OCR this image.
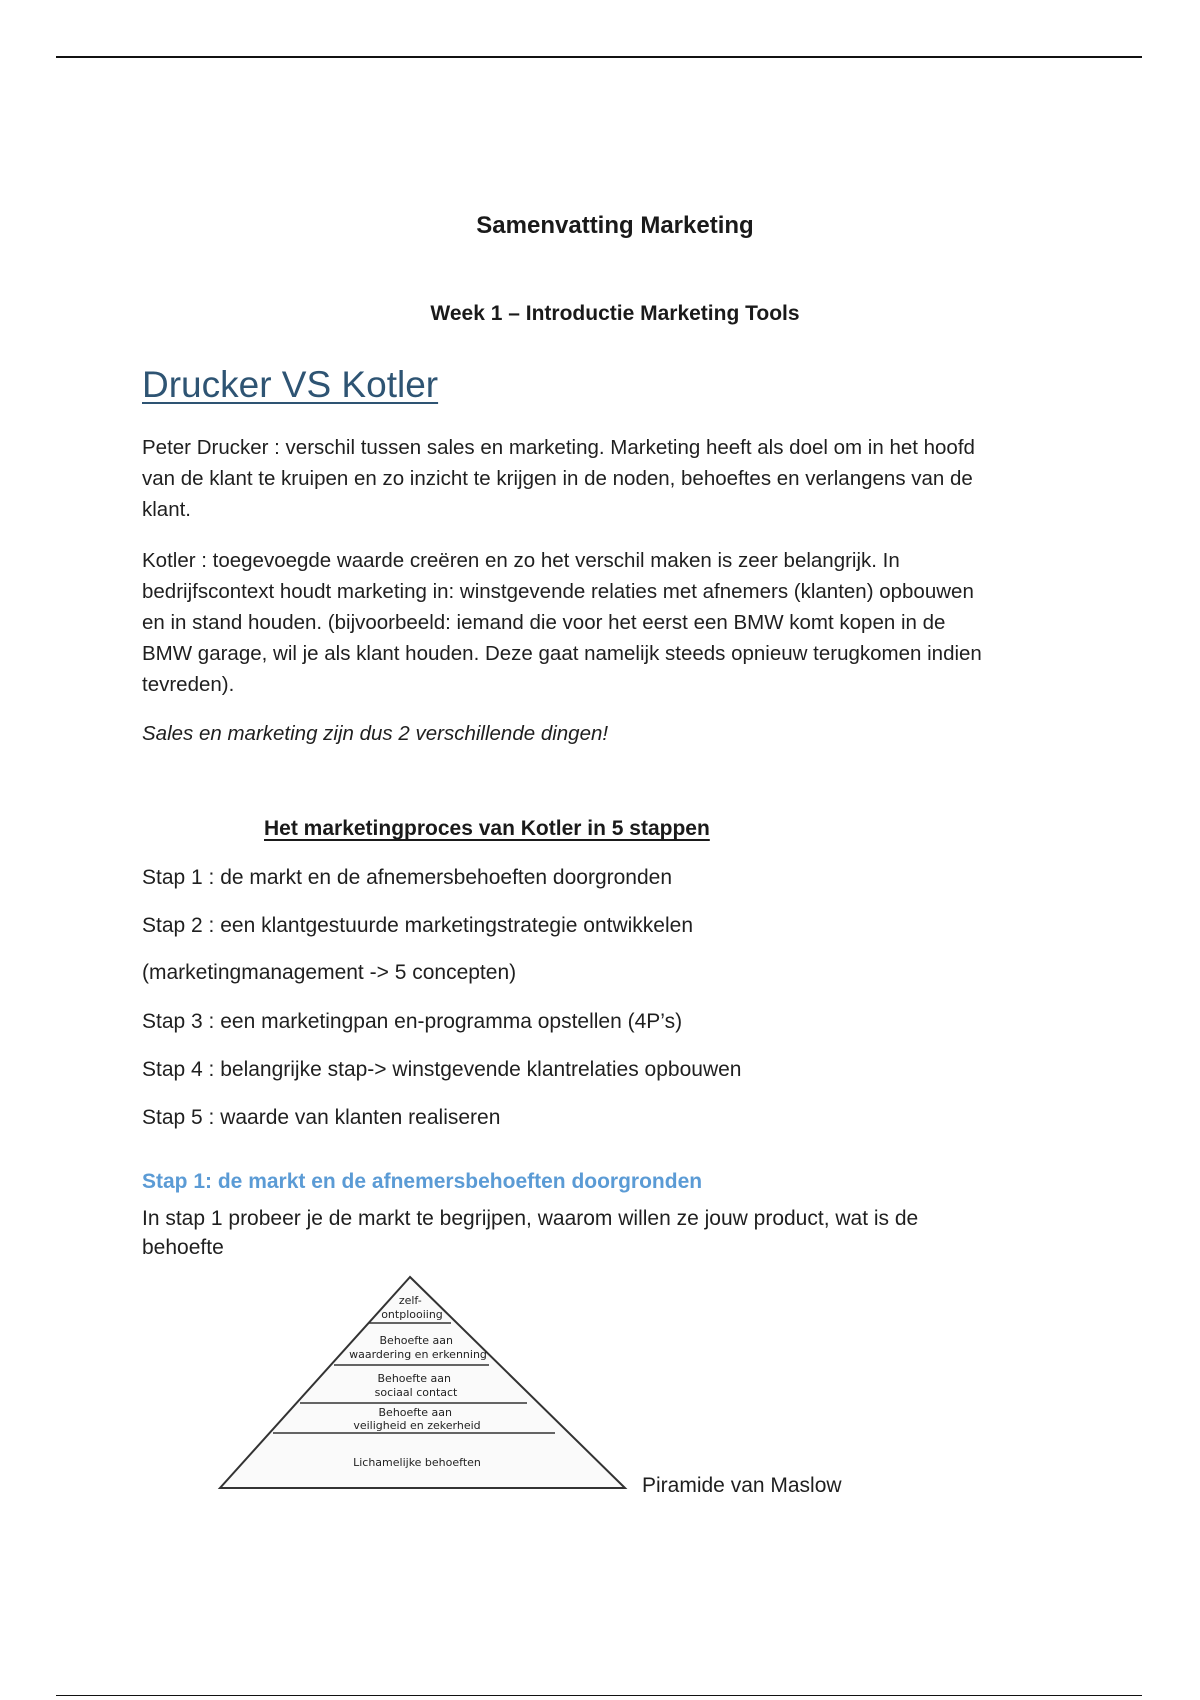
Samenvatting Marketing
Week 1 – Introductie Marketing Tools
Drucker VS Kotler
Peter Drucker : verschil tussen sales en marketing. Marketing heeft als doel om in het hoofd van de klant te kruipen en zo inzicht te krijgen in de noden, behoeftes en verlangens van de klant.
Kotler : toegevoegde waarde creëren en zo het verschil maken is zeer belangrijk. In bedrijfscontext houdt marketing in: winstgevende relaties met afnemers (klanten) opbouwen en in stand houden. (bijvoorbeeld: iemand die voor het eerst een BMW komt kopen in de BMW garage, wil je als klant houden. Deze gaat namelijk steeds opnieuw terugkomen indien tevreden).
Sales en marketing zijn dus 2 verschillende dingen!
Het marketingproces van Kotler in 5 stappen
Stap 1 : de markt en de afnemersbehoeften doorgronden
Stap 2 : een klantgestuurde marketingstrategie ontwikkelen
(marketingmanagement -> 5 concepten)
Stap 3 : een marketingpan en-programma opstellen (4P’s)
Stap 4 : belangrijke stap-> winstgevende klantrelaties opbouwen
Stap 5 : waarde van klanten realiseren
Stap 1: de markt en de afnemersbehoeften doorgronden
In stap 1 probeer je de markt te begrijpen, waarom willen ze jouw product, wat is de behoefte
zelf- ontplooiing
Behoefte aan waardering en erkenning
Behoefte aan sociaal contact
Behoefte aan veiligheid en zekerheid
Lichamelijke behoeften
Piramide van Maslow
